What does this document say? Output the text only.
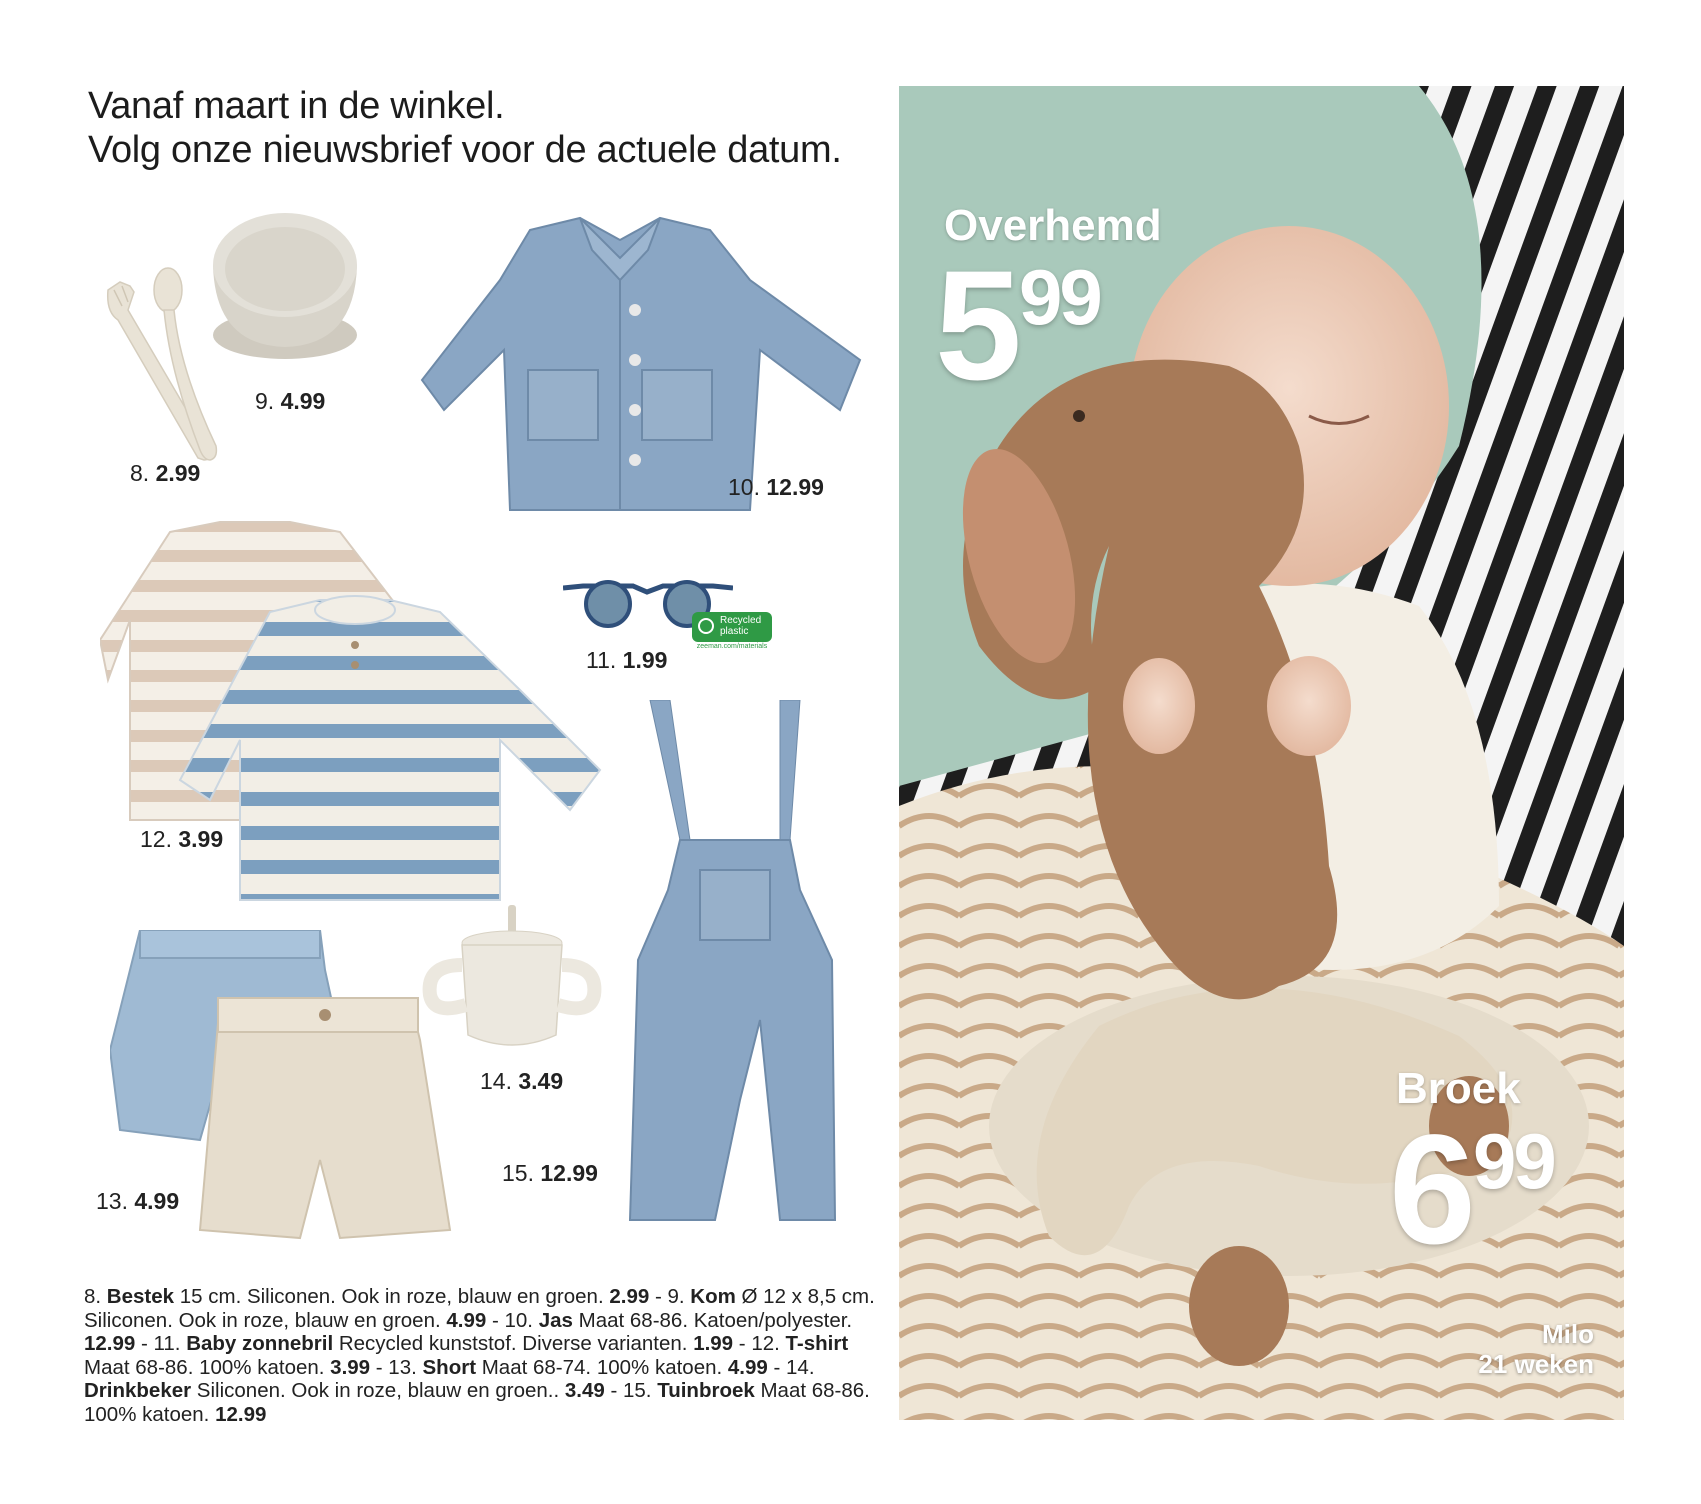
Vanaf maart in de winkel.
Volg onze nieuwsbrief voor de actuele datum.
8. 2.99
9. 4.99
10. 12.99
Recycled
plastic
zeeman.com/materials
11. 1.99
12. 3.99
13. 4.99
14. 3.49
15. 12.99
8. Bestek 15 cm. Siliconen. Ook in roze, blauw en groen. 2.99 - 9. Kom Ø 12 x 8,5 cm. Siliconen. Ook in roze, blauw en groen. 4.99 - 10. Jas Maat 68-86. Katoen/polyester. 12.99 - 11. Baby zonnebril Recycled kunststof. Diverse varianten. 1.99 - 12. T-shirt Maat 68-86. 100% katoen. 3.99 - 13. Short Maat 68-74. 100% katoen. 4.99 - 14. Drinkbeker Siliconen. Ook in roze, blauw en groen.. 3.49 - 15. Tuinbroek Maat 68-86. 100% katoen. 12.99
Overhemd
5 99
Broek
6 99
Milo
21 weken
